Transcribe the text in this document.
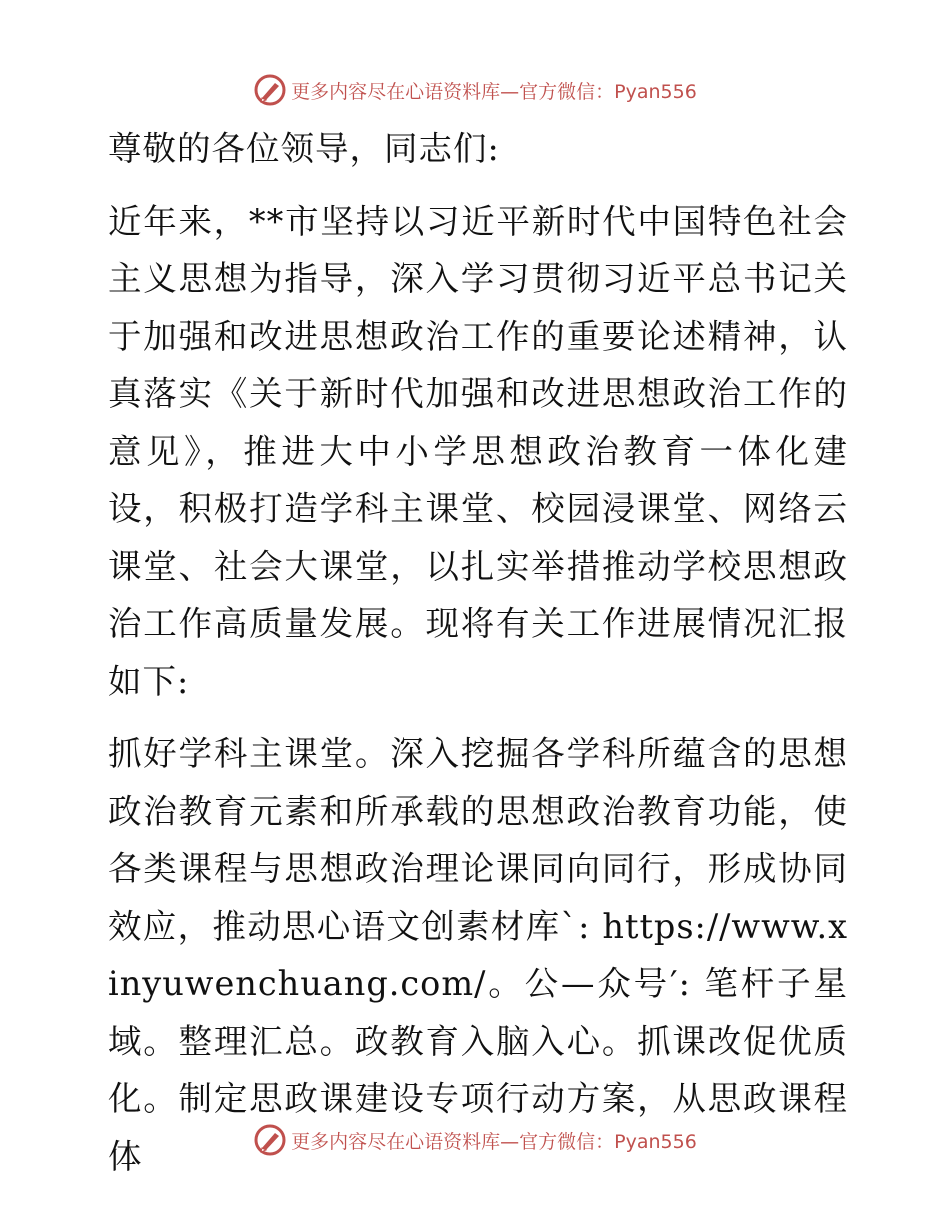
更多内容尽在心语资料库—官方微信：Pyan556

尊敬的各位领导，同志们:

近年来，**市坚持以习近平新时代中国特色社会主义思想为指导，深入学习贯彻习近平总书记关于加强和改进思想政治工作的重要论述精神，认真落实《关于新时代加强和改进思想政治工作的意见》，推进大中小学思想政治教育一体化建设，积极打造学科主课堂、校园浸课堂、网络云课堂、社会大课堂，以扎实举措推动学校思想政治工作高质量发展。现将有关工作进展情况汇报如下:

抓好学科主课堂。深入挖掘各学科所蕴含的思想政治教育元素和所承载的思想政治教育功能，使各类课程与思想政治理论课同向同行，形成协同效应，推动思心语文创素材库`: https://www.xinyuwenchuang.com/。公—众号′: 笔杆子星域。整理汇总。政教育入脑入心。抓课改促优质化。制定思政课建设专项行动方案，从思政课程体	更多内容尽在心语资料库—官方微信：Pyan556
